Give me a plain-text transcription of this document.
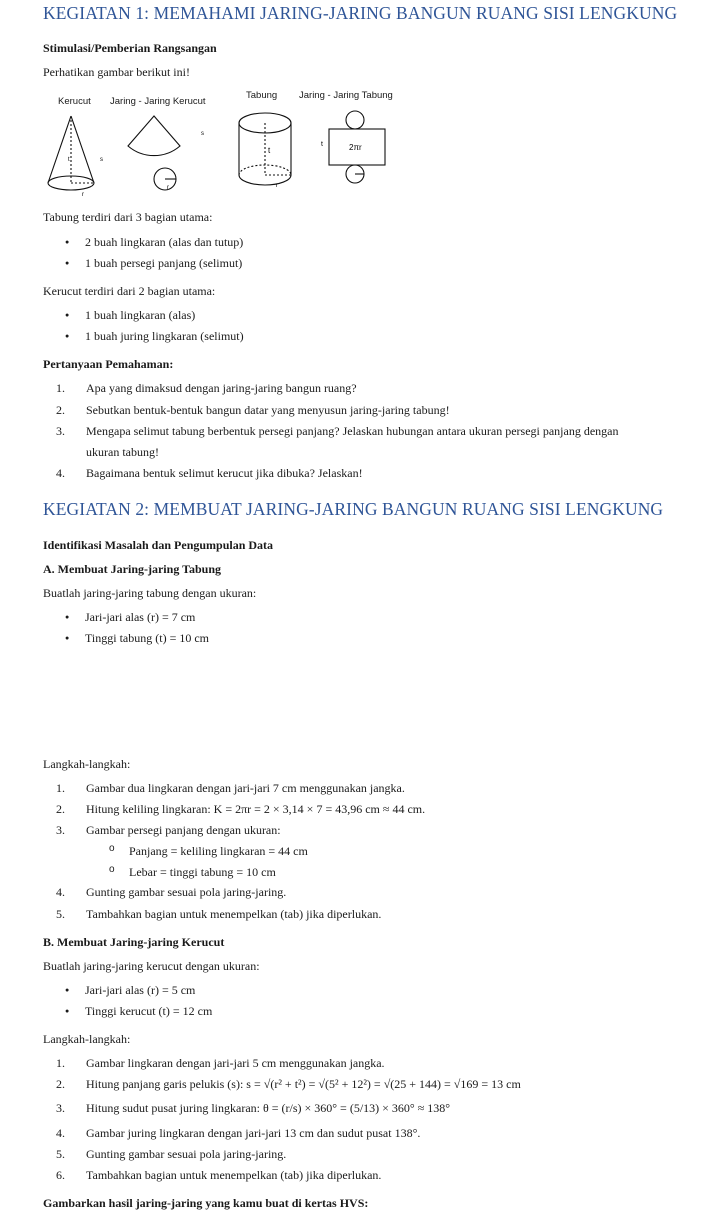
KEGIATAN 1: MEMAHAMI JARING-JARING BANGUN RUANG SISI LENGKUNG
Stimulasi/Pemberian Rangsangan
Perhatikan gambar berikut ini!
Kerucut Jaring - Jaring Kerucut
Tabung Jaring - Jaring Tabung
s
s
t
r
r
t
r
t	2πr
Tabung terdiri dari 3 bagian utama:
● 2 buah lingkaran (alas dan tutup)
● 1 buah persegi panjang (selimut)
Kerucut terdiri dari 2 bagian utama:
● 1 buah lingkaran (alas)
● 1 buah juring lingkaran (selimut)
Pertanyaan Pemahaman:
1. Apa yang dimaksud dengan jaring-jaring bangun ruang?
2. Sebutkan bentuk-bentuk bangun datar yang menyusun jaring-jaring tabung!
3. Mengapa selimut tabung berbentuk persegi panjang? Jelaskan hubungan antara ukuran persegi panjang dengan
ukuran tabung!
4. Bagaimana bentuk selimut kerucut jika dibuka? Jelaskan!
KEGIATAN 2: MEMBUAT JARING-JARING BANGUN RUANG SISI LENGKUNG
Identifikasi Masalah dan Pengumpulan Data
A. Membuat Jaring-jaring Tabung
Buatlah jaring-jaring tabung dengan ukuran:
● Jari-jari alas (r) = 7 cm
● Tinggi tabung (t) = 10 cm
Langkah-langkah:
1. Gambar dua lingkaran dengan jari-jari 7 cm menggunakan jangka.
2. Hitung keliling lingkaran: K = 2πr = 2 × 3,14 × 7 = 43,96 cm ≈ 44 cm.
3. Gambar persegi panjang dengan ukuran:
o Panjang = keliling lingkaran = 44 cm
o Lebar = tinggi tabung = 10 cm
4. Gunting gambar sesuai pola jaring-jaring.
5. Tambahkan bagian untuk menempelkan (tab) jika diperlukan.
B. Membuat Jaring-jaring Kerucut
Buatlah jaring-jaring kerucut dengan ukuran:
● Jari-jari alas (r) = 5 cm
● Tinggi kerucut (t) = 12 cm
Langkah-langkah:
1. Gambar lingkaran dengan jari-jari 5 cm menggunakan jangka.
2. Hitung panjang garis pelukis (s): s = √(r² + t²) = √(5² + 12²) = √(25 + 144) = √169 = 13 cm
3. Hitung sudut pusat juring lingkaran: θ = (r/s) × 360° = (5/13) × 360° ≈ 138°
4. Gambar juring lingkaran dengan jari-jari 13 cm dan sudut pusat 138°.
5. Gunting gambar sesuai pola jaring-jaring.
6. Tambahkan bagian untuk menempelkan (tab) jika diperlukan.
Gambarkan hasil jaring-jaring yang kamu buat di kertas HVS:
